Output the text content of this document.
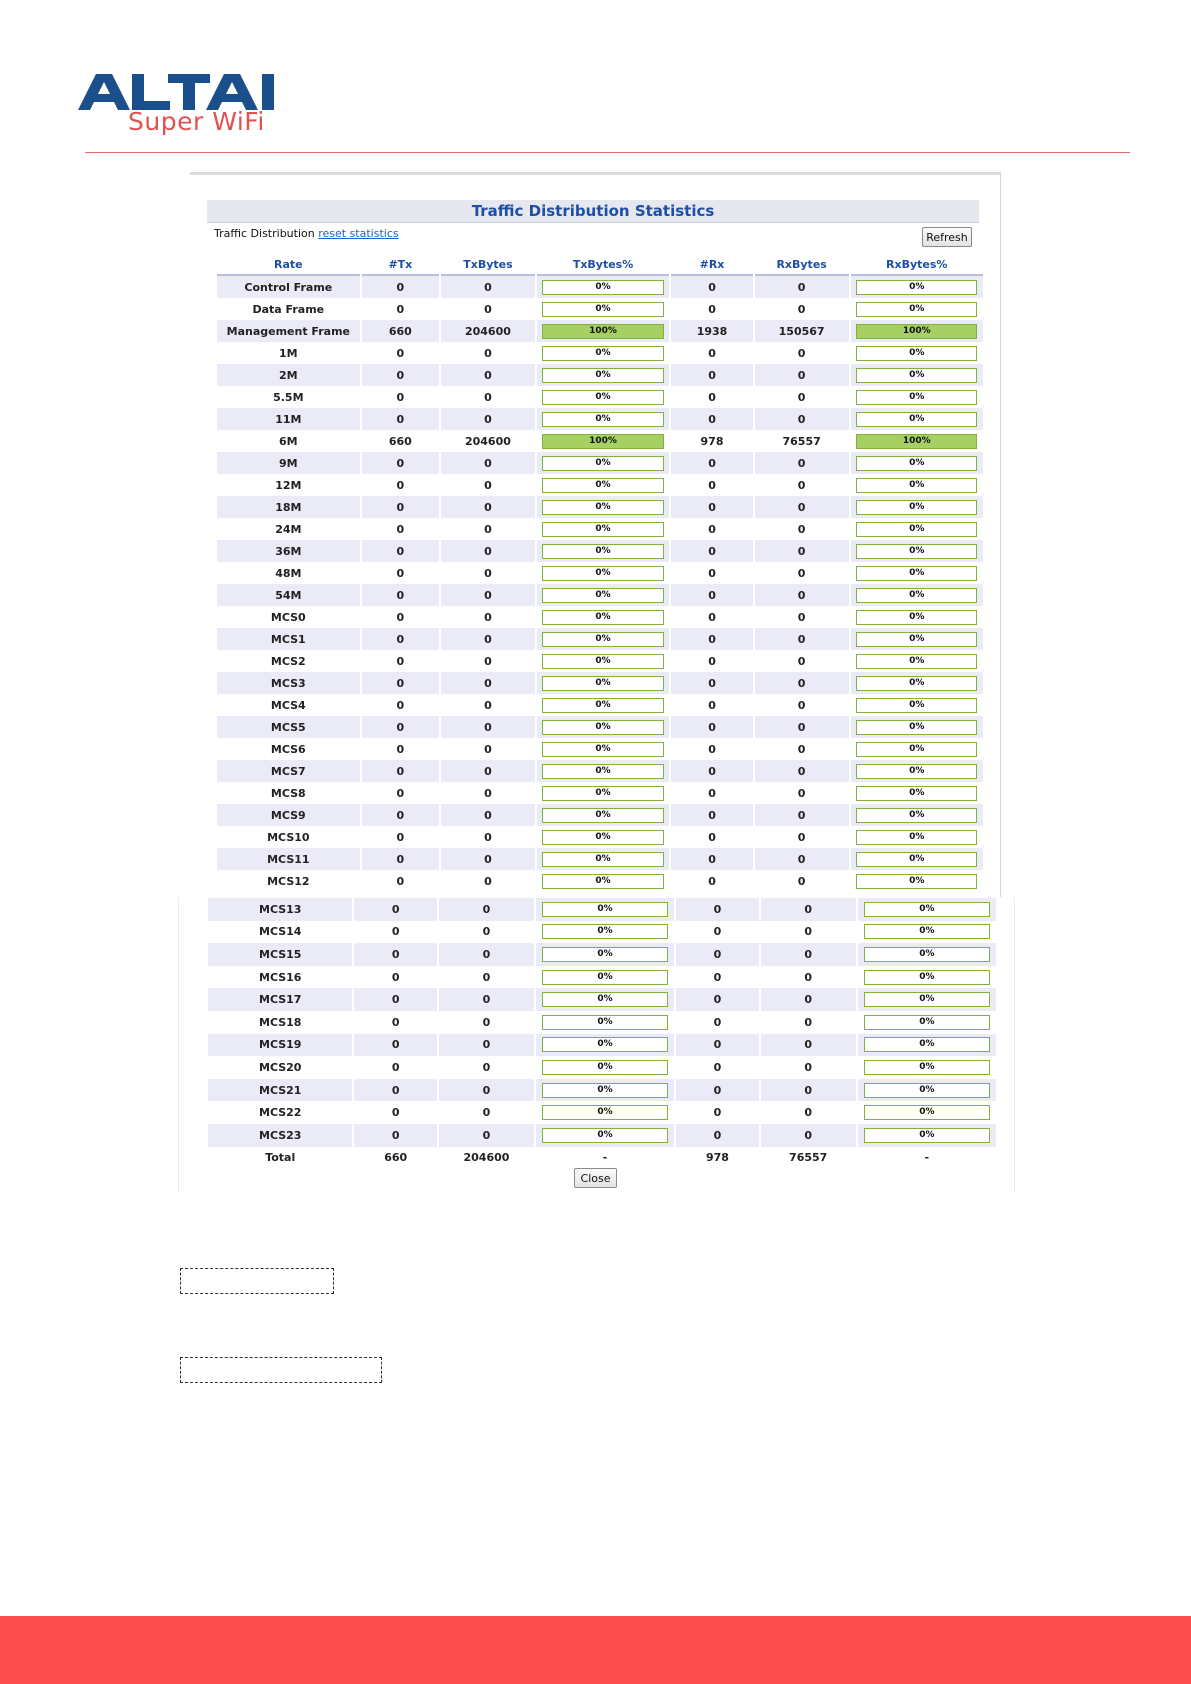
Super WiFi
Traffic Distribution Statistics
Traffic Distribution reset statistics	Refresh
Rate	#Tx	TxBytes	TxBytes%	#Rx	RxBytes	RxBytes%
Control Frame	0	0	0%	0	0	0%

Data Frame	0	0	0%	0	0	0%

Management Frame	660	204600	100%	1938	150567	100%

1M	0	0	0%	0	0	0%

2M	0	0	0%	0	0	0%

5.5M	0	0	0%	0	0	0%

11M	0	0	0%	0	0	0%

6M	660	204600	100%	978	76557	100%

9M	0	0	0%	0	0	0%

12M	0	0	0%	0	0	0%

18M	0	0	0%	0	0	0%

24M	0	0	0%	0	0	0%

36M	0	0	0%	0	0	0%

48M	0	0	0%	0	0	0%

54M	0	0	0%	0	0	0%

MCS0	0	0	0%	0	0	0%

MCS1	0	0	0%	0	0	0%

MCS2	0	0	0%	0	0	0%

MCS3	0	0	0%	0	0	0%

MCS4	0	0	0%	0	0	0%

MCS5	0	0	0%	0	0	0%

MCS6	0	0	0%	0	0	0%

MCS7	0	0	0%	0	0	0%

MCS8	0	0	0%	0	0	0%

MCS9	0	0	0%	0	0	0%

MCS10	0	0	0%	0	0	0%

MCS11	0	0	0%	0	0	0%

MCS12	0	0	0%	0	0	0%
MCS13	0	0	0%	0	0	0%

MCS14	0	0	0%	0	0	0%

MCS15	0	0	0%	0	0	0%

MCS16	0	0	0%	0	0	0%

MCS17	0	0	0%	0	0	0%

MCS18	0	0	0%	0	0	0%

MCS19	0	0	0%	0	0	0%

MCS20	0	0	0%	0	0	0%

MCS21	0	0	0%	0	0	0%

MCS22	0	0	0%	0	0	0%

MCS23	0	0	0%	0	0	0%

Total	660	204600	-	978	76557	-
Close
